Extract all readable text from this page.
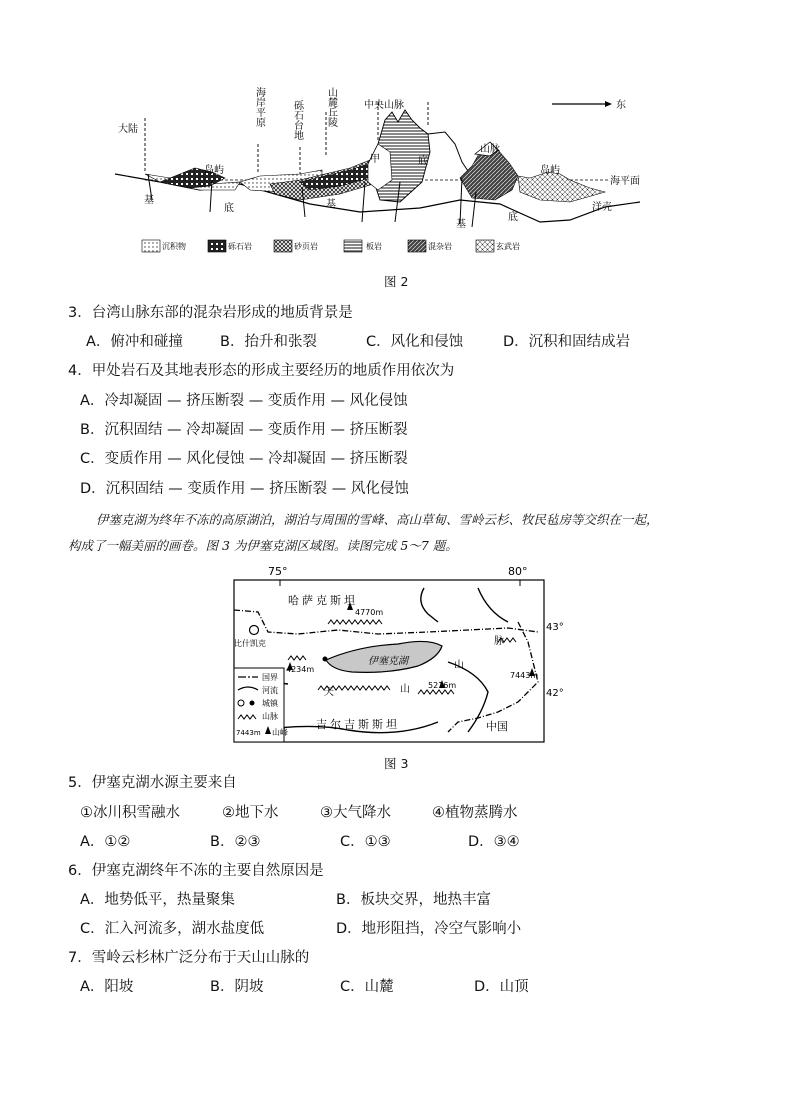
东
大陆
岛屿
基
底	基
甲	底
山脉
岛屿
海平面
洋壳
基
底
中央山脉
海岸平原	砾石台地 山麓丘陵
沉积物	砾石岩	砂页岩	板岩	混杂岩	玄武岩
图 2
3．台湾山脉东部的混杂岩形成的地质背景是
A．俯冲和碰撞	B．抬升和张裂	C．风化和侵蚀	D．沉积和固结成岩
4．甲处岩石及其地表形态的形成主要经历的地质作用依次为
A．冷却凝固 — 挤压断裂 — 变质作用 — 风化侵蚀
B．沉积固结 — 冷却凝固 — 变质作用 — 挤压断裂
C．变质作用 — 风化侵蚀 — 冷却凝固 — 挤压断裂
D．沉积固结 — 变质作用 — 挤压断裂 — 风化侵蚀
伊塞克湖为终年不冻的高原湖泊，湖泊与周围的雪峰、高山草甸、雪岭云杉、牧民毡房等交织在一起，
构成了一幅美丽的画卷。图 3 为伊塞克湖区域图。读图完成 5～7 题。
75°	80°
43°
42°
伊塞克湖
比什凯克
4770m
4234m
5216m
7443m
哈萨克斯坦
吉尔吉斯斯坦	中国
天	山
山
脉
国界
河流
城镇
山脉
7443m 山峰
图 3
5．伊塞克湖水源主要来自
①冰川积雪融水	②地下水	③大气降水	④植物蒸腾水
A．①②	B．②③	C．①③	D．③④
6．伊塞克湖终年不冻的主要自然原因是
A．地势低平，热量聚集	B．板块交界，地热丰富
C．汇入河流多，湖水盐度低	D．地形阻挡，冷空气影响小
7．雪岭云杉林广泛分布于天山山脉的
A．阳坡	B．阴坡	C．山麓	D．山顶
